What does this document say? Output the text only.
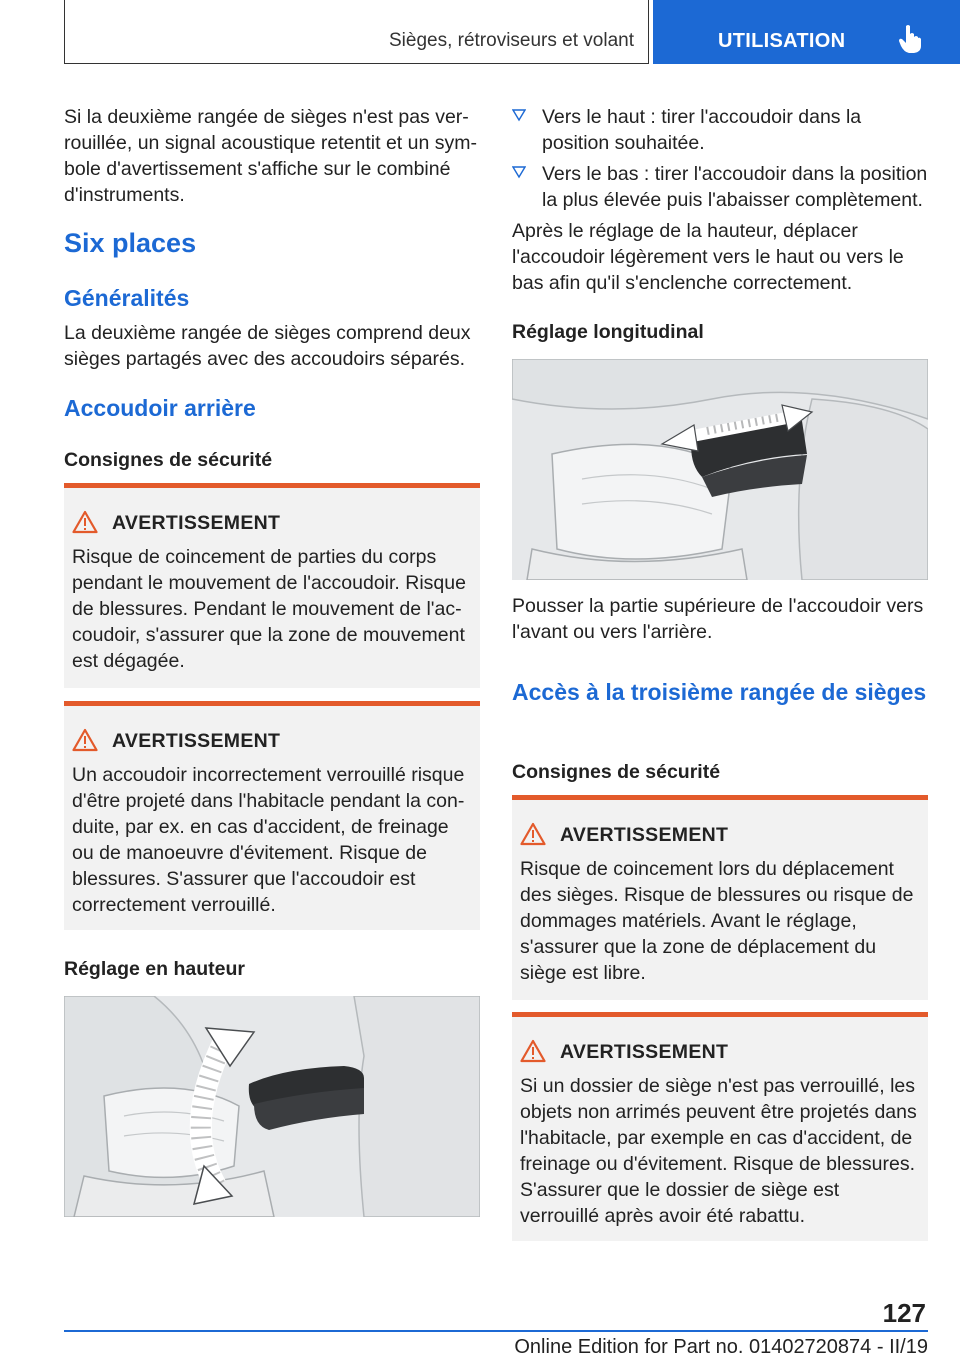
Sièges, rétroviseurs et volant	UTILISATION

Si la deuxième rangée de sièges n'est pas verrouillée, un signal acoustique retentit et un symbole d'avertissement s'affiche sur le combiné d'instruments.

Six places
Généralités

La deuxième rangée de sièges comprend deux sièges partagés avec des accoudoirs séparés.

Accoudoir arrière
Consignes de sécurité
AVERTISSEMENT
Risque de coincement de parties du corps pendant le mouvement de l'accoudoir. Risque de blessures. Pendant le mouvement de l'accoudoir, s'assurer que la zone de mouvement est dégagée.
AVERTISSEMENT
Un accoudoir incorrectement verrouillé risque d'être projeté dans l'habitacle pendant la conduite, par ex. en cas d'accident, de freinage ou de manoeuvre d'évitement. Risque de blessures. S'assurer que l'accoudoir est correctement verrouillé.
Réglage en hauteur
Vers le haut : tirer l'accoudoir dans la position souhaitée.
Vers le bas : tirer l'accoudoir dans la position la plus élevée puis l'abaisser complètement.

Après le réglage de la hauteur, déplacer l'accoudoir légèrement vers le haut ou vers le bas afin qu'il s'enclenche correctement.

Réglage longitudinal

Pousser la partie supérieure de l'accoudoir vers l'avant ou vers l'arrière.

Accès à la troisième rangée de sièges
Consignes de sécurité
AVERTISSEMENT
Risque de coincement lors du déplacement des sièges. Risque de blessures ou risque de dommages matériels. Avant le réglage, s'assurer que la zone de déplacement du siège est libre.
AVERTISSEMENT
Si un dossier de siège n'est pas verrouillé, les objets non arrimés peuvent être projetés dans l'habitacle, par exemple en cas d'accident, de freinage ou d'évitement. Risque de blessures. S'assurer que le dossier de siège est verrouillé après avoir été rabattu.
127
Online Edition for Part no. 01402720874 - II/19
